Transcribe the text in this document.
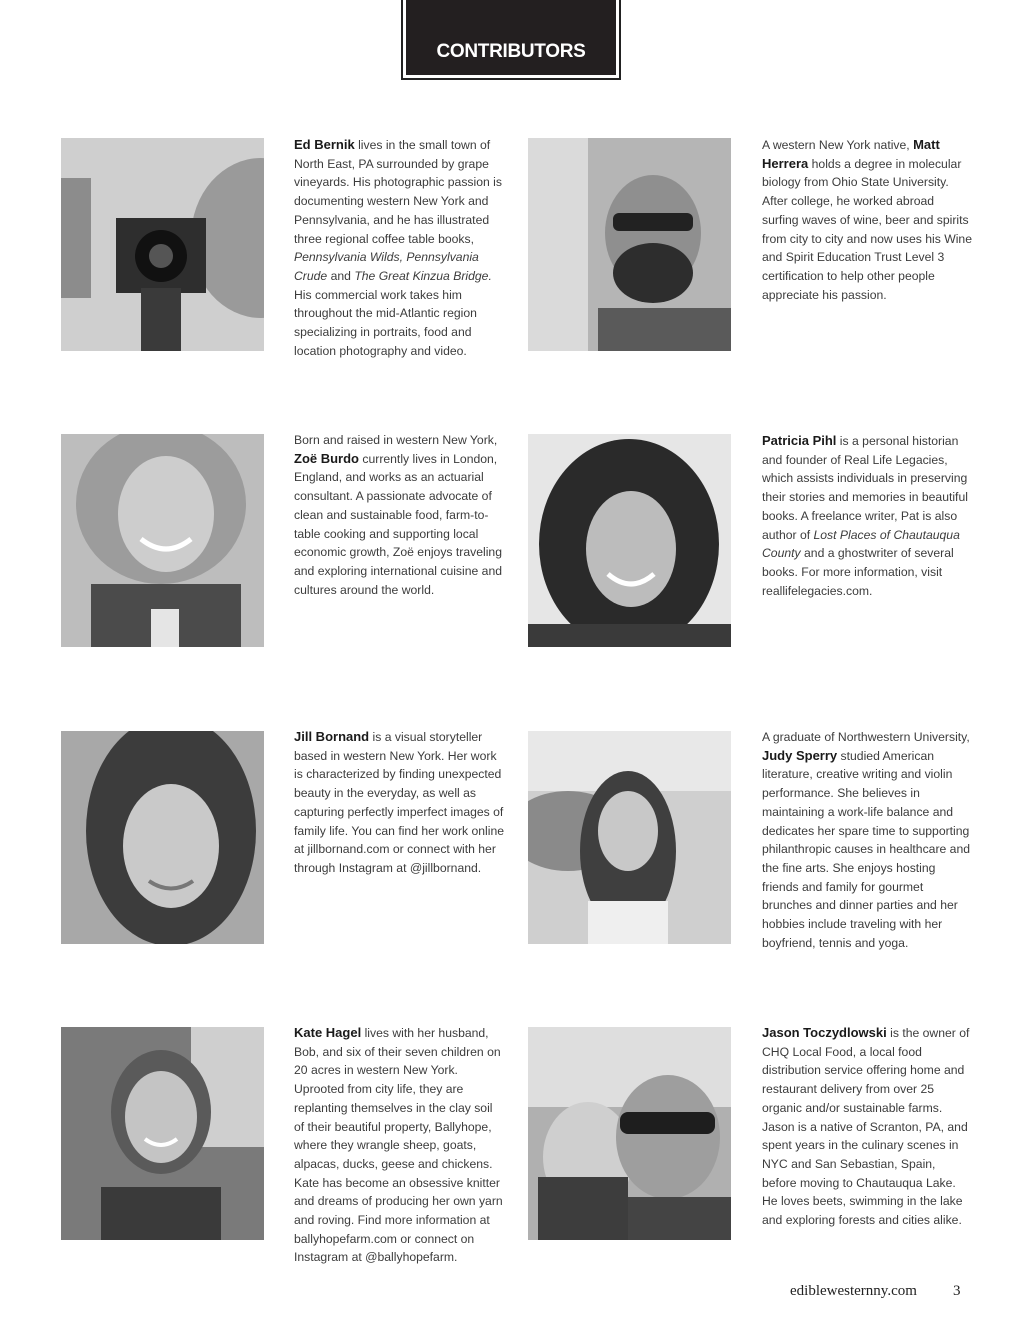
CONTRIBUTORS
Ed Bernik lives in the small town of North East, PA surrounded by grape vineyards. His photographic passion is documenting western New York and Pennsylvania, and he has illustrated three regional coffee table books, Pennsylvania Wilds, Pennsylvania Crude and The Great Kinzua Bridge. His commercial work takes him throughout the mid-Atlantic region specializing in portraits, food and location photography and video.
A western New York native, Matt Herrera holds a degree in molecular biology from Ohio State University. After college, he worked abroad surfing waves of wine, beer and spirits from city to city and now uses his Wine and Spirit Education Trust Level 3 certification to help other people appreciate his passion.
Born and raised in western New York, Zoë Burdo currently lives in London, England, and works as an actuarial consultant. A passionate advocate of clean and sustainable food, farm-to-table cooking and supporting local economic growth, Zoë enjoys traveling and exploring international cuisine and cultures around the world.
Patricia Pihl is a personal historian and founder of Real Life Legacies, which assists individuals in preserving their stories and memories in beautiful books. A freelance writer, Pat is also author of Lost Places of Chautauqua County and a ghostwriter of several books. For more information, visit reallifelegacies.com.
Jill Bornand is a visual storyteller based in western New York. Her work is characterized by finding unexpected beauty in the everyday, as well as capturing perfectly imperfect images of family life. You can find her work online at jillbornand.com or connect with her through Instagram at @jillbornand.
A graduate of Northwestern University, Judy Sperry studied American literature, creative writing and violin performance. She believes in maintaining a work-life balance and dedicates her spare time to supporting philanthropic causes in healthcare and the fine arts. She enjoys hosting friends and family for gourmet brunches and dinner parties and her hobbies include traveling with her boyfriend, tennis and yoga.
Kate Hagel lives with her husband, Bob, and six of their seven children on 20 acres in western New York. Uprooted from city life, they are replanting themselves in the clay soil of their beautiful property, Ballyhope, where they wrangle sheep, goats, alpacas, ducks, geese and chickens. Kate has become an obsessive knitter and dreams of producing her own yarn and roving. Find more information at ballyhopefarm.com or connect on Instagram at @ballyhopefarm.
Jason Toczydlowski is the owner of CHQ Local Food, a local food distribution service offering home and restaurant delivery from over 25 organic and/or sustainable farms. Jason is a native of Scranton, PA, and spent years in the culinary scenes in NYC and San Sebastian, Spain, before moving to Chautauqua Lake. He loves beets, swimming in the lake and exploring forests and cities alike.
ediblewesternny.com 3
